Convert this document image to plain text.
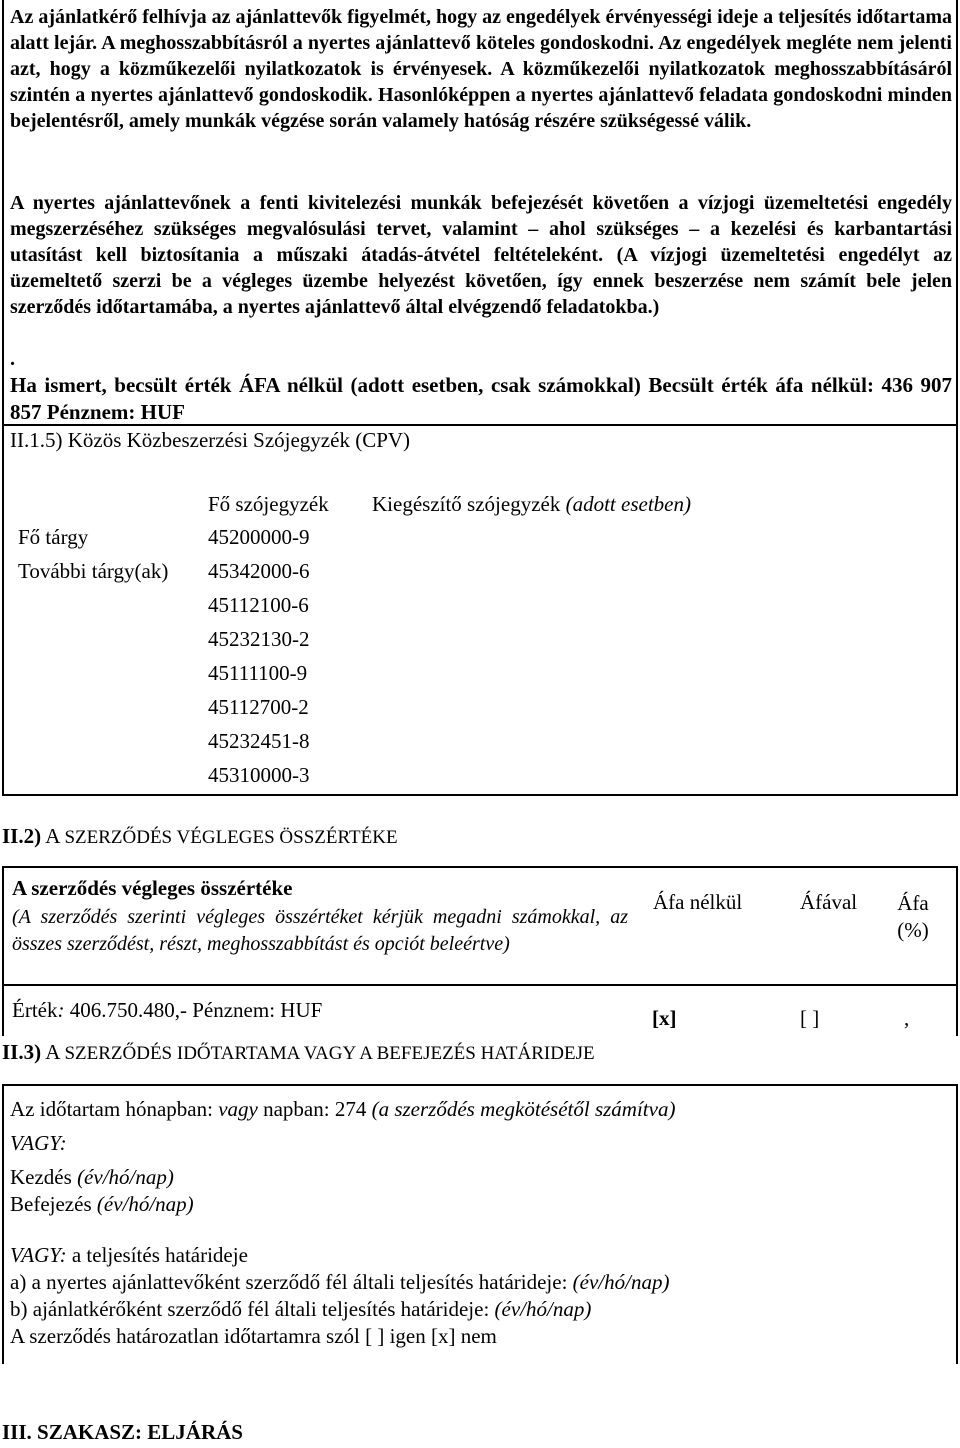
Az ajánlatkérő felhívja az ajánlattevők figyelmét, hogy az engedélyek érvényességi ideje a teljesítés időtartama alatt lejár. A meghosszabbításról a nyertes ajánlattevő köteles gondoskodni. Az engedélyek megléte nem jelenti azt, hogy a közműkezelői nyilatkozatok is érvényesek. A közműkezelői nyilatkozatok meghosszabbításáról szintén a nyertes ajánlattevő gondoskodik. Hasonlóképpen a nyertes ajánlattevő feladata gondoskodni minden bejelentésről, amely munkák végzése során valamely hatóság részére szükségessé válik.

A nyertes ajánlattevőnek a fenti kivitelezési munkák befejezését követően a vízjogi üzemeltetési engedély megszerzéséhez szükséges megvalósulási tervet, valamint – ahol szükséges – a kezelési és karbantartási utasítást kell biztosítania a műszaki átadás-átvétel feltételeként. (A vízjogi üzemeltetési engedélyt az üzemeltető szerzi be a végleges üzembe helyezést követően, így ennek beszerzése nem számít bele jelen szerződés időtartamába, a nyertes ajánlattevő által elvégzendő feladatokba.)

.

Ha ismert, becsült érték ÁFA nélkül (adott esetben, csak számokkal) Becsült érték áfa nélkül: 436 907 857 Pénznem: HUF

II.1.5) Közös Közbeszerzési Szójegyzék (CPV)
Fő szójegyzék Kiegészítő szójegyzék (adott esetben)
Fő tárgy	45200000-9
További tárgy(ak) 45342000-6
45112100-6
45232130-2
45111100-9
45112700-2
45232451-8
45310000-3
II.2) A SZERZŐDÉS VÉGLEGES ÖSSZÉRTÉKE
A szerződés végleges összértéke
(A szerződés szerinti végleges összértéket kérjük megadni számokkal, az összes szerződést, részt, meghosszabbítást és opciót beleértve)
Áfa nélkül	Áfával	Áfa (%)
Érték: 406.750.480,- Pénznem: HUF	[x]	[ ]	,
II.3) A SZERZŐDÉS IDŐTARTAMA VAGY A BEFEJEZÉS HATÁRIDEJE
Az időtartam hónapban: vagy napban: 274 (a szerződés megkötésétől számítva)
VAGY:
Kezdés (év/hó/nap)
Befejezés (év/hó/nap)
VAGY: a teljesítés határideje
a) a nyertes ajánlattevőként szerződő fél általi teljesítés határideje: (év/hó/nap)
b) ajánlatkérőként szerződő fél általi teljesítés határideje: (év/hó/nap)
A szerződés határozatlan időtartamra szól [ ] igen [x] nem
III. SZAKASZ: ELJÁRÁS
